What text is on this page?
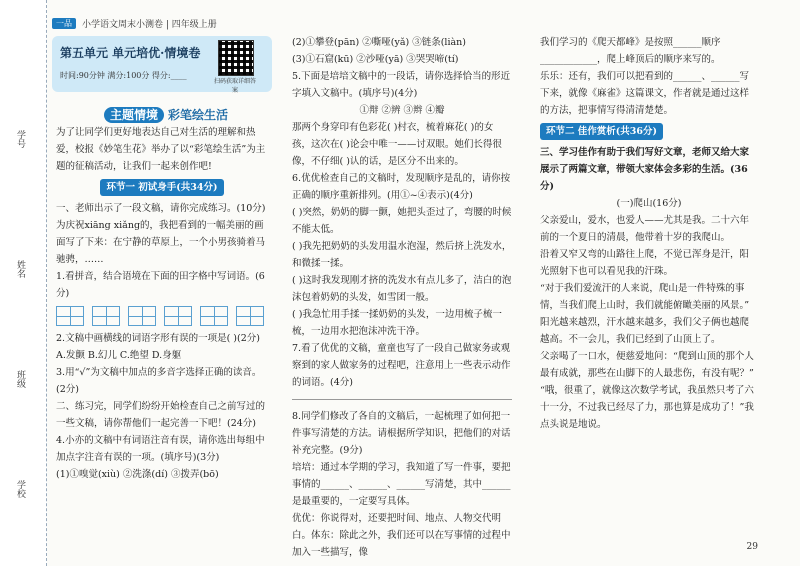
学号
姓名
班级
学校
一品	小学语文周末小测卷 | 四年级上册
第五单元 单元培优·情境卷
时间:90分钟 满分:100分 得分:____
扫码获取详细答案
主题情境 彩笔绘生活

为了让同学们更好地表达自己对生活的理解和热爱，校报《妙笔生花》举办了以“彩笔绘生活”为主题的征稿活动，让我们一起来创作吧!

环节一 初试身手(共34分)

一、老师出示了一段文稿，请你完成练习。(10分)

为庆祝xiāng xiǎng的，我把看到的一幅美丽的画面写了下来：在宁静的草原上，一个小男孩骑着马驰骋，……

1.看拼音，结合语境在下面的田字格中写词语。(6分)

2.文稿中画横线的词语字形有误的一项是( )(2分)

A.发颤 B.幻儿 C.绝望 D.身躯

3.用“√”为文稿中加点的多音字选择正确的读音。(2分)

二、练习完，同学们纷纷开始检查自己之前写过的一些文稿，请你帮他们一起完善一下吧！(24分)

4.小亦的文稿中有词语注音有误，请你选出每组中加点字注音有误的一项。(填序号)(3分)

(1)①嗅觉(xiù) ②洗涤(dí) ③拨弄(bō)

(2)①攀登(pān) ②嘶哑(yǎ) ③链条(liàn)

(3)①石窟(kū) ②沙哑(yā) ③哭哭啼(tí)

5.下面是培培文稿中的一段话，请你选择恰当的形近字填入文稿中。(填序号)(4分)

①辩 ②辨 ③辫 ④瓣

那两个身穿印有色彩花( )村衣，梳着麻花( )的女孩，这次在( )论会中唯一——讨双眼。她们长得很像，不仔细( )认的话，是区分不出来的。

6.优优检查自己的文稿时，发现顺序是乱的，请你按正确的顺序重新排列。(用①~④表示)(4分)

( )突然，奶奶的脚一颤，她把头歪过了，弯腰的时候不能太低。

( )我先把奶奶的头发用温水泡湿，然后挤上洗发水，和微揉一揉。

( )这时我发现刚才挤的洗发水有点儿多了，洁白的泡沫包着奶奶的头发，如雪团一般。

( )我急忙用手揉一揉奶奶的头发，一边用梳子梳一梳，一边用水把泡沫冲洗干净。

7.看了优优的文稿，童童也写了一段自己做家务或观察到的家人做家务的过程吧，注意用上一些表示动作的词语。(4分)

8.同学们修改了各自的文稿后，一起梳理了如何把一件事写清楚的方法。请根据所学知识，把他们的对话补充完整。(9分)

培培：通过本学期的学习，我知道了写一件事，要把事情的______、______、______写清楚，其中______是最重要的，一定要写具体。

优优：你说得对，还要把时间、地点、人物交代明白。体东：除此之外，我们还可以在写事情的过程中加入一些描写，像

我们学习的《爬天都峰》是按照______顺序____________，爬上峰顶后的顺序来写的。

乐乐：还有，我们可以把看到的______、______写下来，就像《麻雀》这篇课文，作者就是通过这样的方法，把事情写得清清楚楚。

环节二 佳作赏析(共36分)

三、学习佳作有助于我们写好文章，老师又给大家展示了两篇文章，带领大家体会多彩的生活。(36分)

(一)爬山(16分)

父亲爱山，爱水，也爱人——尤其是我。二十六年前的一个夏日的清晨，他带着十岁的我爬山。

沿着又窄又弯的山路往上爬，不觉已浑身是汗，阳光照射下也可以看见我的汗珠。

“对于我们爱流汗的人来说，爬山是一件特殊的事情，当我们爬上山时，我们就能俯瞰美丽的风景。”

阳光越来越烈，汗水越来越多，我们父子俩也越爬越高。不一会儿，我们已经到了山顶上了。

父亲喝了一口水，便慈爱地问：“爬到山顶的那个人最有成就，那些在山脚下的人最悲伤，有没有呢？”

“哦，很重了，就像这次数学考试，我虽然只考了六十一分，不过我已经尽了力，那也算是成功了！”我点头说是地说。

29
